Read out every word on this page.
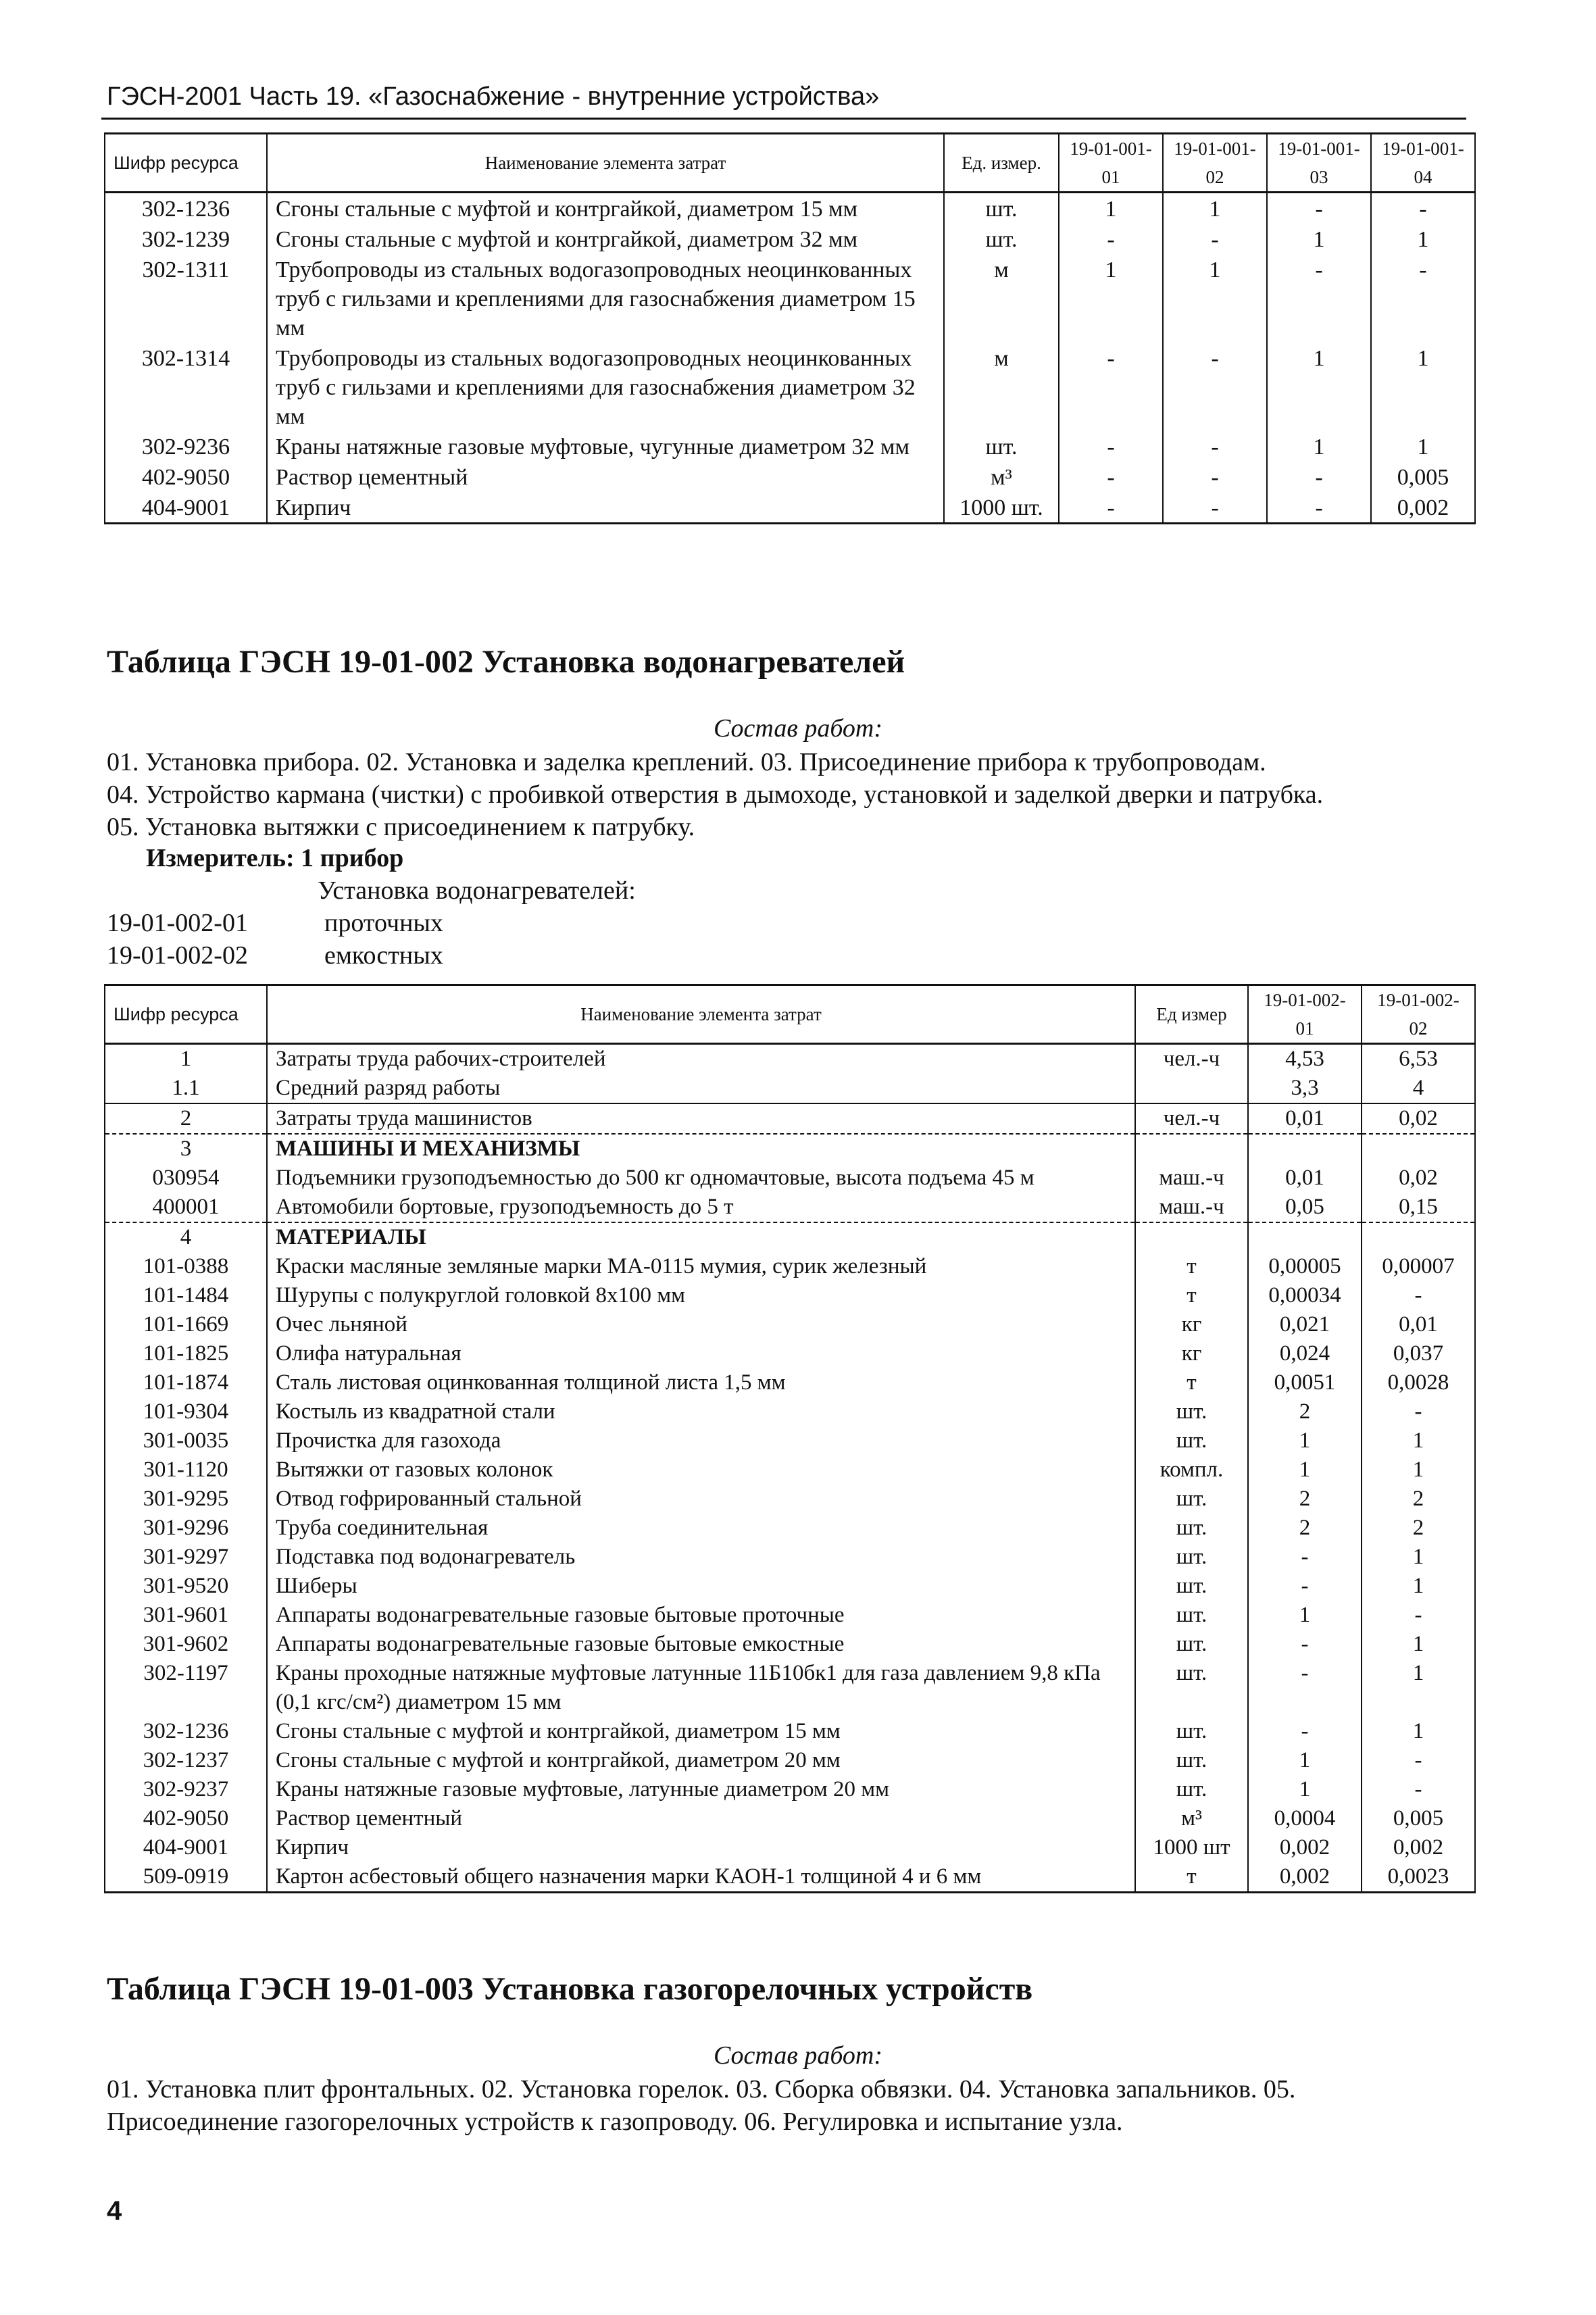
ГЭСН-2001 Часть 19. «Газоснабжение - внутренние устройства»
Шифр ресурса	Наименование элемента затрат	Ед. измер.	19-01-001-01	19-01-001-02	19-01-001-03	19-01-001-04
302-1236	Сгоны стальные с муфтой и контргайкой, диаметром 15 мм	шт.	1	1	-	-
302-1239	Сгоны стальные с муфтой и контргайкой, диаметром 32 мм	шт.	-	-	1	1
302-1311	Трубопроводы из стальных водогазопроводных неоцинкованных труб с гильзами и креплениями для газоснабжения диаметром 15 мм	м	1	1	-	-
302-1314	Трубопроводы из стальных водогазопроводных неоцинкованных труб с гильзами и креплениями для газоснабжения диаметром 32 мм	м	-	-	1	1
302-9236	Краны натяжные газовые муфтовые, чугунные диаметром 32 мм	шт.	-	-	1	1
402-9050	Раствор цементный	м³	-	-	-	0,005
404-9001	Кирпич	1000 шт.	-	-	-	0,002
Таблица ГЭСН 19-01-002 Установка водонагревателей
Состав работ:
01. Установка прибора. 02. Установка и заделка креплений. 03. Присоединение прибора к трубопроводам.
04. Устройство кармана (чистки) с пробивкой отверстия в дымоходе, установкой и заделкой дверки и патрубка.
05. Установка вытяжки с присоединением к патрубку.
Измеритель: 1 прибор
Установка водонагревателей:
19-01-002-01	проточных
19-01-002-02	емкостных
Шифр ресурса	Наименование элемента затрат	Ед измер	19-01-002-01	19-01-002-02
1	Затраты труда рабочих-строителей	чел.-ч	4,53	6,53
1.1	Средний разряд работы		3,3	4
2	Затраты труда машинистов	чел.-ч	0,01	0,02
3	МАШИНЫ И МЕХАНИЗМЫ			
030954	Подъемники грузоподъемностью до 500 кг одномачтовые, высота подъема 45 м	маш.-ч	0,01	0,02
400001	Автомобили бортовые, грузоподъемность до 5 т	маш.-ч	0,05	0,15
4	МАТЕРИАЛЫ			
101-0388	Краски масляные земляные марки МА-0115 мумия, сурик железный	т	0,00005	0,00007
101-1484	Шурупы с полукруглой головкой 8х100 мм	т	0,00034	-
101-1669	Очес льняной	кг	0,021	0,01
101-1825	Олифа натуральная	кг	0,024	0,037
101-1874	Сталь листовая оцинкованная толщиной листа 1,5 мм	т	0,0051	0,0028
101-9304	Костыль из квадратной стали	шт.	2	-
301-0035	Прочистка для газохода	шт.	1	1
301-1120	Вытяжки от газовых колонок	компл.	1	1
301-9295	Отвод гофрированный стальной	шт.	2	2
301-9296	Труба соединительная	шт.	2	2
301-9297	Подставка под водонагреватель	шт.	-	1
301-9520	Шиберы	шт.	-	1
301-9601	Аппараты водонагревательные газовые бытовые проточные	шт.	1	-
301-9602	Аппараты водонагревательные газовые бытовые емкостные	шт.	-	1
302-1197	Краны проходные натяжные муфтовые латунные 11Б10бк1 для газа давлением 9,8 кПа (0,1 кгс/см²) диаметром 15 мм	шт.	-	1
302-1236	Сгоны стальные с муфтой и контргайкой, диаметром 15 мм	шт.	-	1
302-1237	Сгоны стальные с муфтой и контргайкой, диаметром 20 мм	шт.	1	-
302-9237	Краны натяжные газовые муфтовые, латунные диаметром 20 мм	шт.	1	-
402-9050	Раствор цементный	м³	0,0004	0,005
404-9001	Кирпич	1000 шт	0,002	0,002
509-0919	Картон асбестовый общего назначения марки КАОН-1 толщиной 4 и 6 мм	т	0,002	0,0023
Таблица ГЭСН 19-01-003 Установка газогорелочных устройств
Состав работ:
01. Установка плит фронтальных. 02. Установка горелок. 03. Сборка обвязки. 04. Установка запальников. 05.
Присоединение газогорелочных устройств к газопроводу. 06. Регулировка и испытание узла.
4
